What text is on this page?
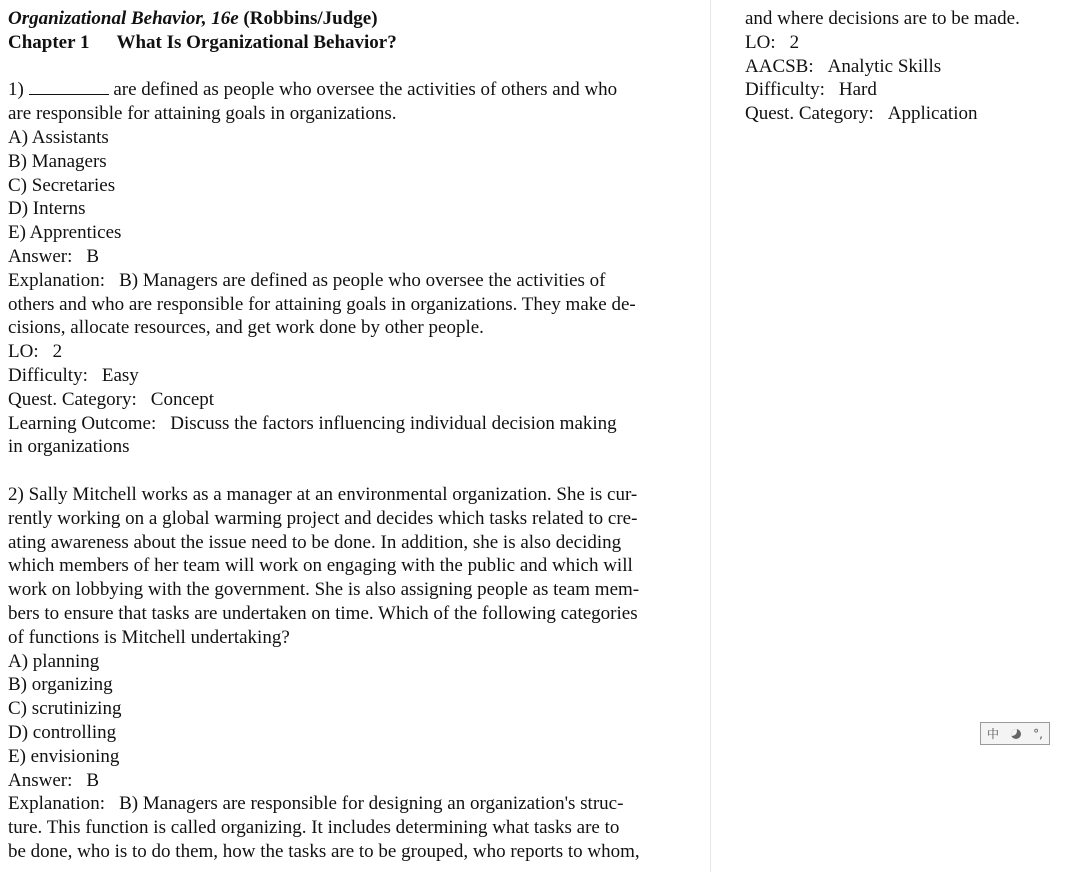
Organizational Behavior, 16e (Robbins/Judge)
Chapter 1 What Is Organizational Behavior?
1)	are defined as people who oversee the activities of others and who
are responsible for attaining goals in organizations.
A) Assistants
B) Managers
C) Secretaries
D) Interns
E) Apprentices
Answer: B
Explanation: B) Managers are defined as people who oversee the activities of
others and who are responsible for attaining goals in organizations. They make de-
cisions, allocate resources, and get work done by other people.
LO: 2
Difficulty: Easy
Quest. Category: Concept
Learning Outcome: Discuss the factors influencing individual decision making
in organizations
2) Sally Mitchell works as a manager at an environmental organization. She is cur-
rently working on a global warming project and decides which tasks related to cre-
ating awareness about the issue need to be done. In addition, she is also deciding
which members of her team will work on engaging with the public and which will
work on lobbying with the government. She is also assigning people as team mem-
bers to ensure that tasks are undertaken on time. Which of the following categories
of functions is Mitchell undertaking?
A) planning
B) organizing
C) scrutinizing
D) controlling
E) envisioning
Answer: B
Explanation: B) Managers are responsible for designing an organization's struc-
ture. This function is called organizing. It includes determining what tasks are to
be done, who is to do them, how the tasks are to be grouped, who reports to whom,
and where decisions are to be made.
LO: 2
AACSB: Analytic Skills
Difficulty: Hard
Quest. Category: Application
中	°,
